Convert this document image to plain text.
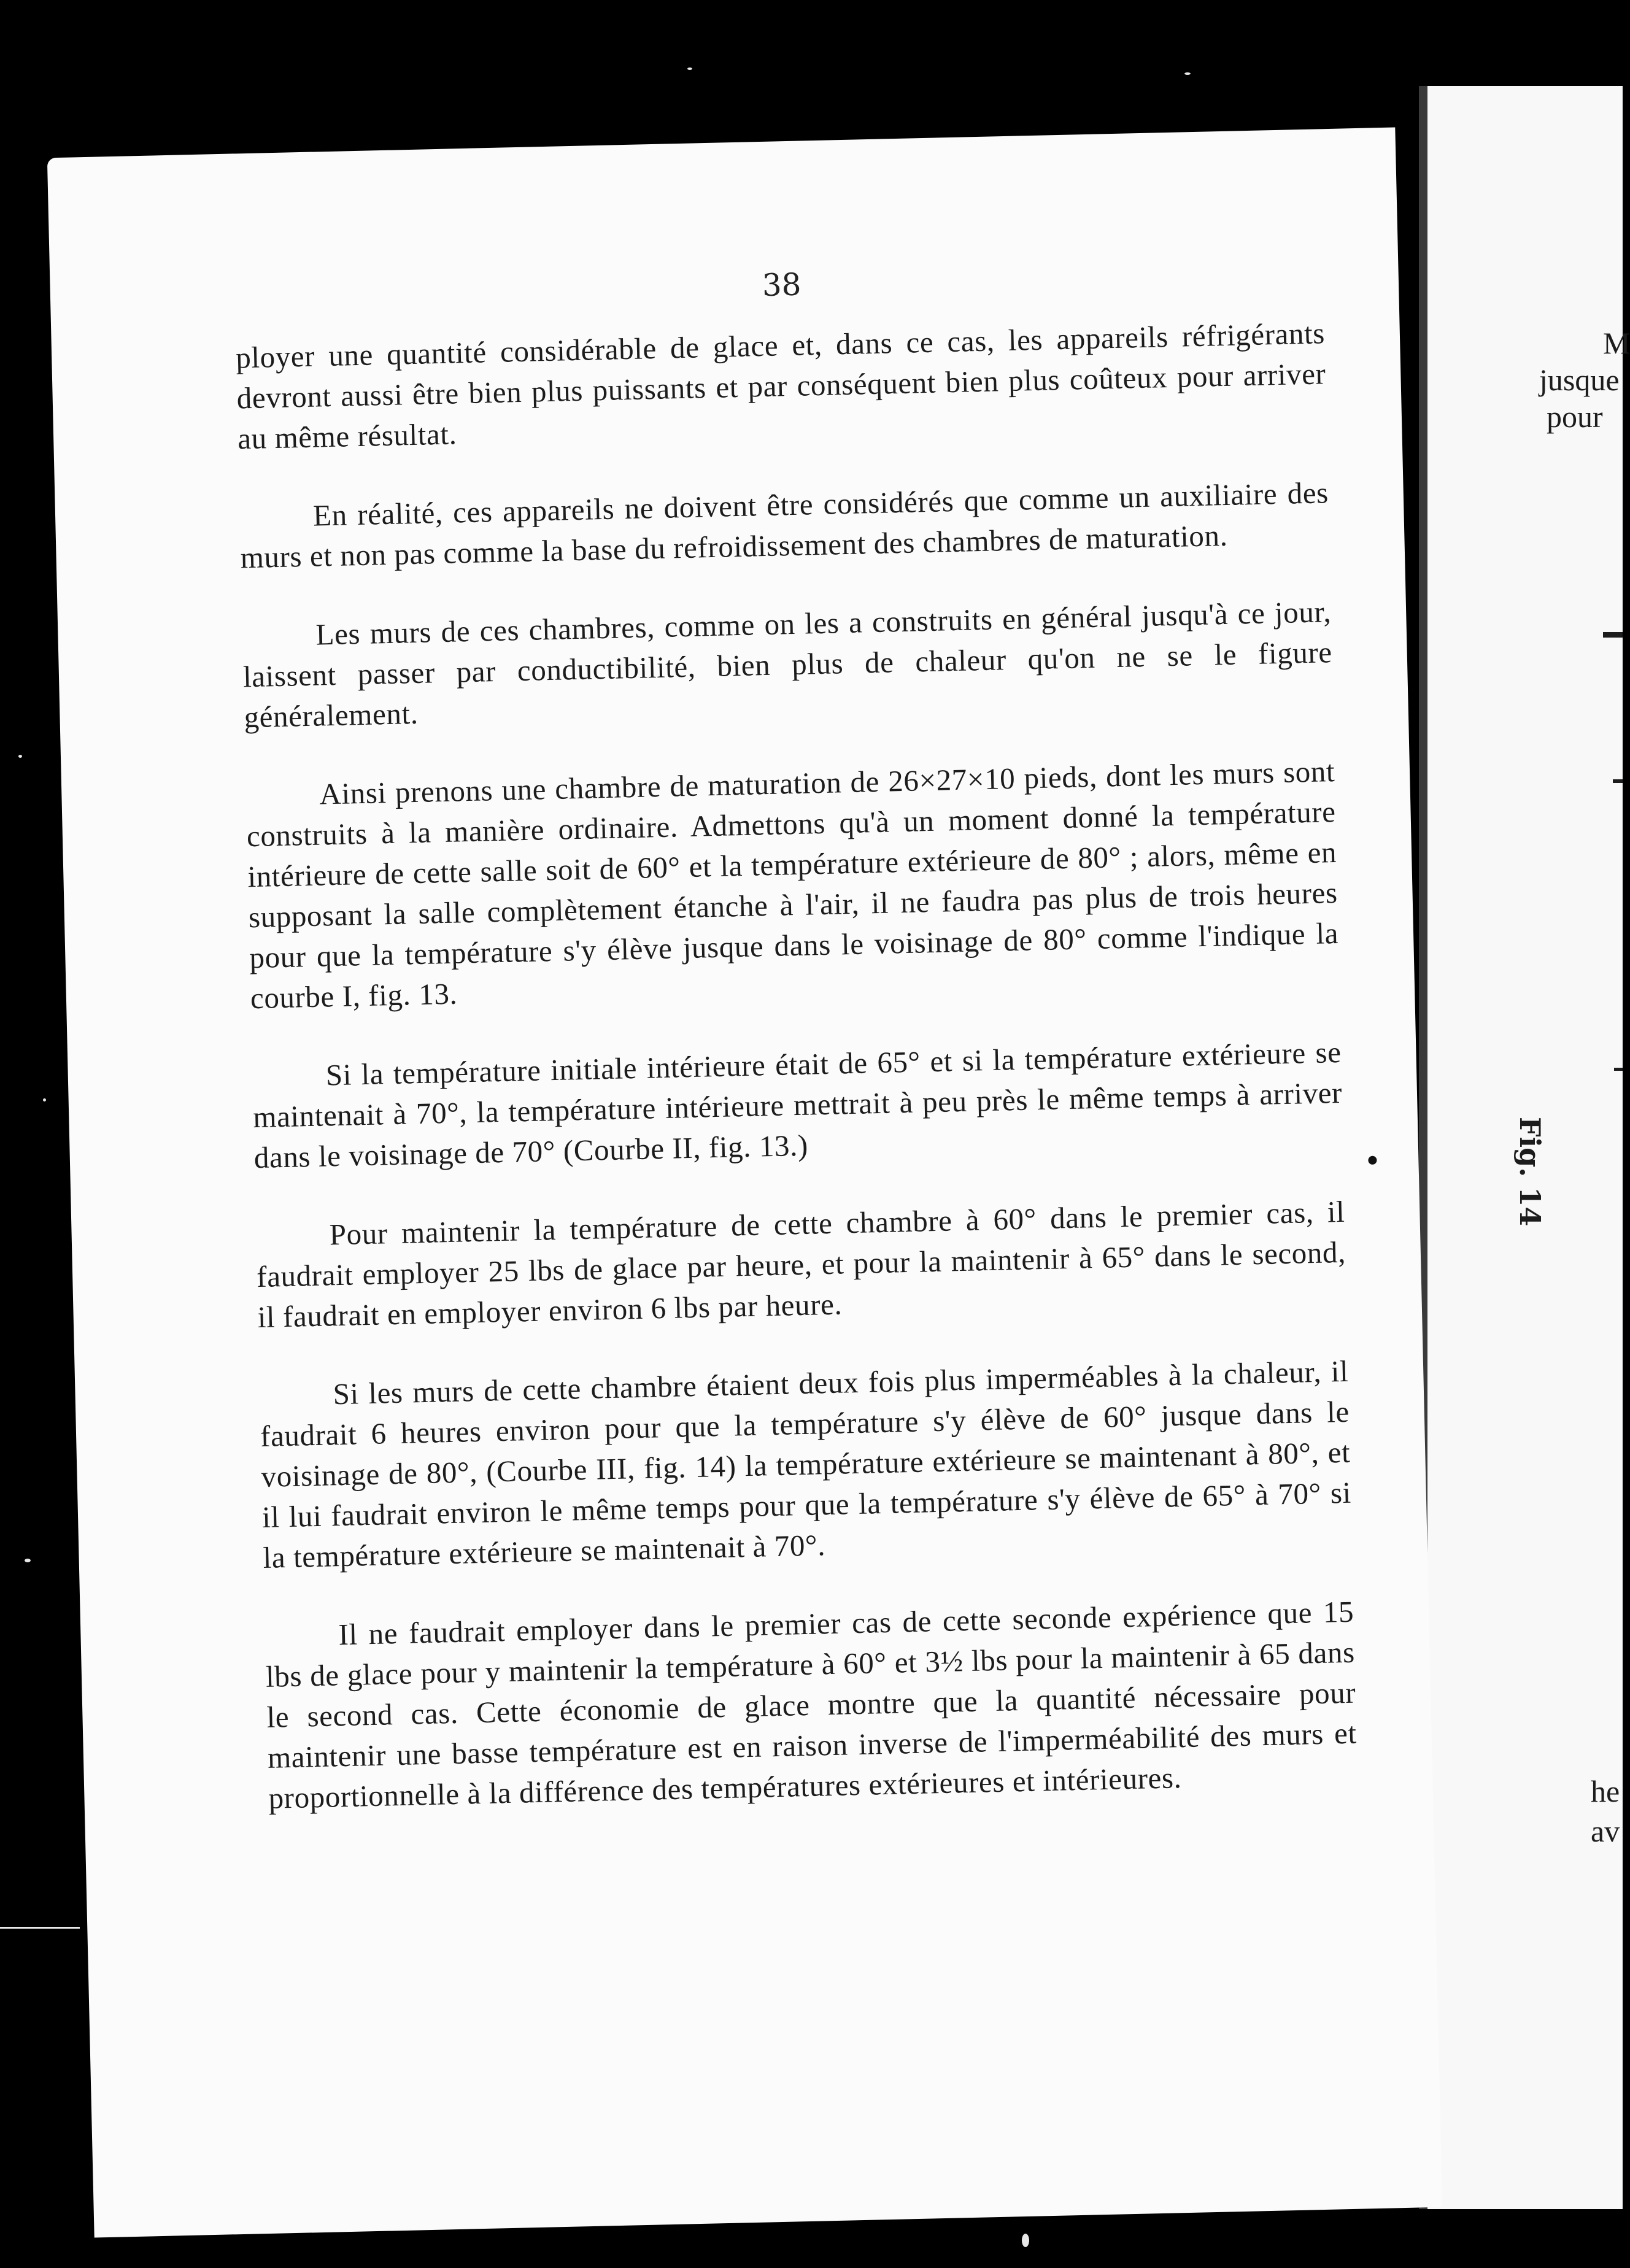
M
jusque
pour
Fig. 14
he
av
38

ployer une quantité considérable de glace et, dans ce cas, les appareils réfrigérants devront aussi être bien plus puissants et par conséquent bien plus coûteux pour arriver au même résultat.

En réalité, ces appareils ne doivent être considérés que comme un auxiliaire des murs et non pas comme la base du refroidissement des chambres de maturation.

Les murs de ces chambres, comme on les a construits en général jusqu'à ce jour, laissent passer par conductibilité, bien plus de chaleur qu'on ne se le figure généralement.

Ainsi prenons une chambre de maturation de 26×27×10 pieds, dont les murs sont construits à la manière ordinaire. Admettons qu'à un moment donné la température intérieure de cette salle soit de 60° et la température extérieure de 80° ; alors, même en supposant la salle complètement étanche à l'air, il ne faudra pas plus de trois heures pour que la température s'y élève jusque dans le voisinage de 80° comme l'indique la courbe I, fig. 13.

Si la température initiale intérieure était de 65° et si la température extérieure se maintenait à 70°, la température intérieure mettrait à peu près le même temps à arriver dans le voisinage de 70° (Courbe II, fig. 13.)

Pour maintenir la température de cette chambre à 60° dans le premier cas, il faudrait employer 25 lbs de glace par heure, et pour la maintenir à 65° dans le second, il faudrait en employer environ 6 lbs par heure.

Si les murs de cette chambre étaient deux fois plus imperméables à la chaleur, il faudrait 6 heures environ pour que la température s'y élève de 60° jusque dans le voisinage de 80°, (Courbe III, fig. 14) la température extérieure se maintenant à 80°, et il lui faudrait environ le même temps pour que la température s'y élève de 65° à 70° si la température extérieure se maintenait à 70°.

Il ne faudrait employer dans le premier cas de cette seconde expérience que 15 lbs de glace pour y maintenir la température à 60° et 3½ lbs pour la maintenir à 65 dans le second cas. Cette économie de glace montre que la quantité nécessaire pour maintenir une basse température est en raison inverse de l'imperméabilité des murs et proportionnelle à la différence des températures extérieures et intérieures.
